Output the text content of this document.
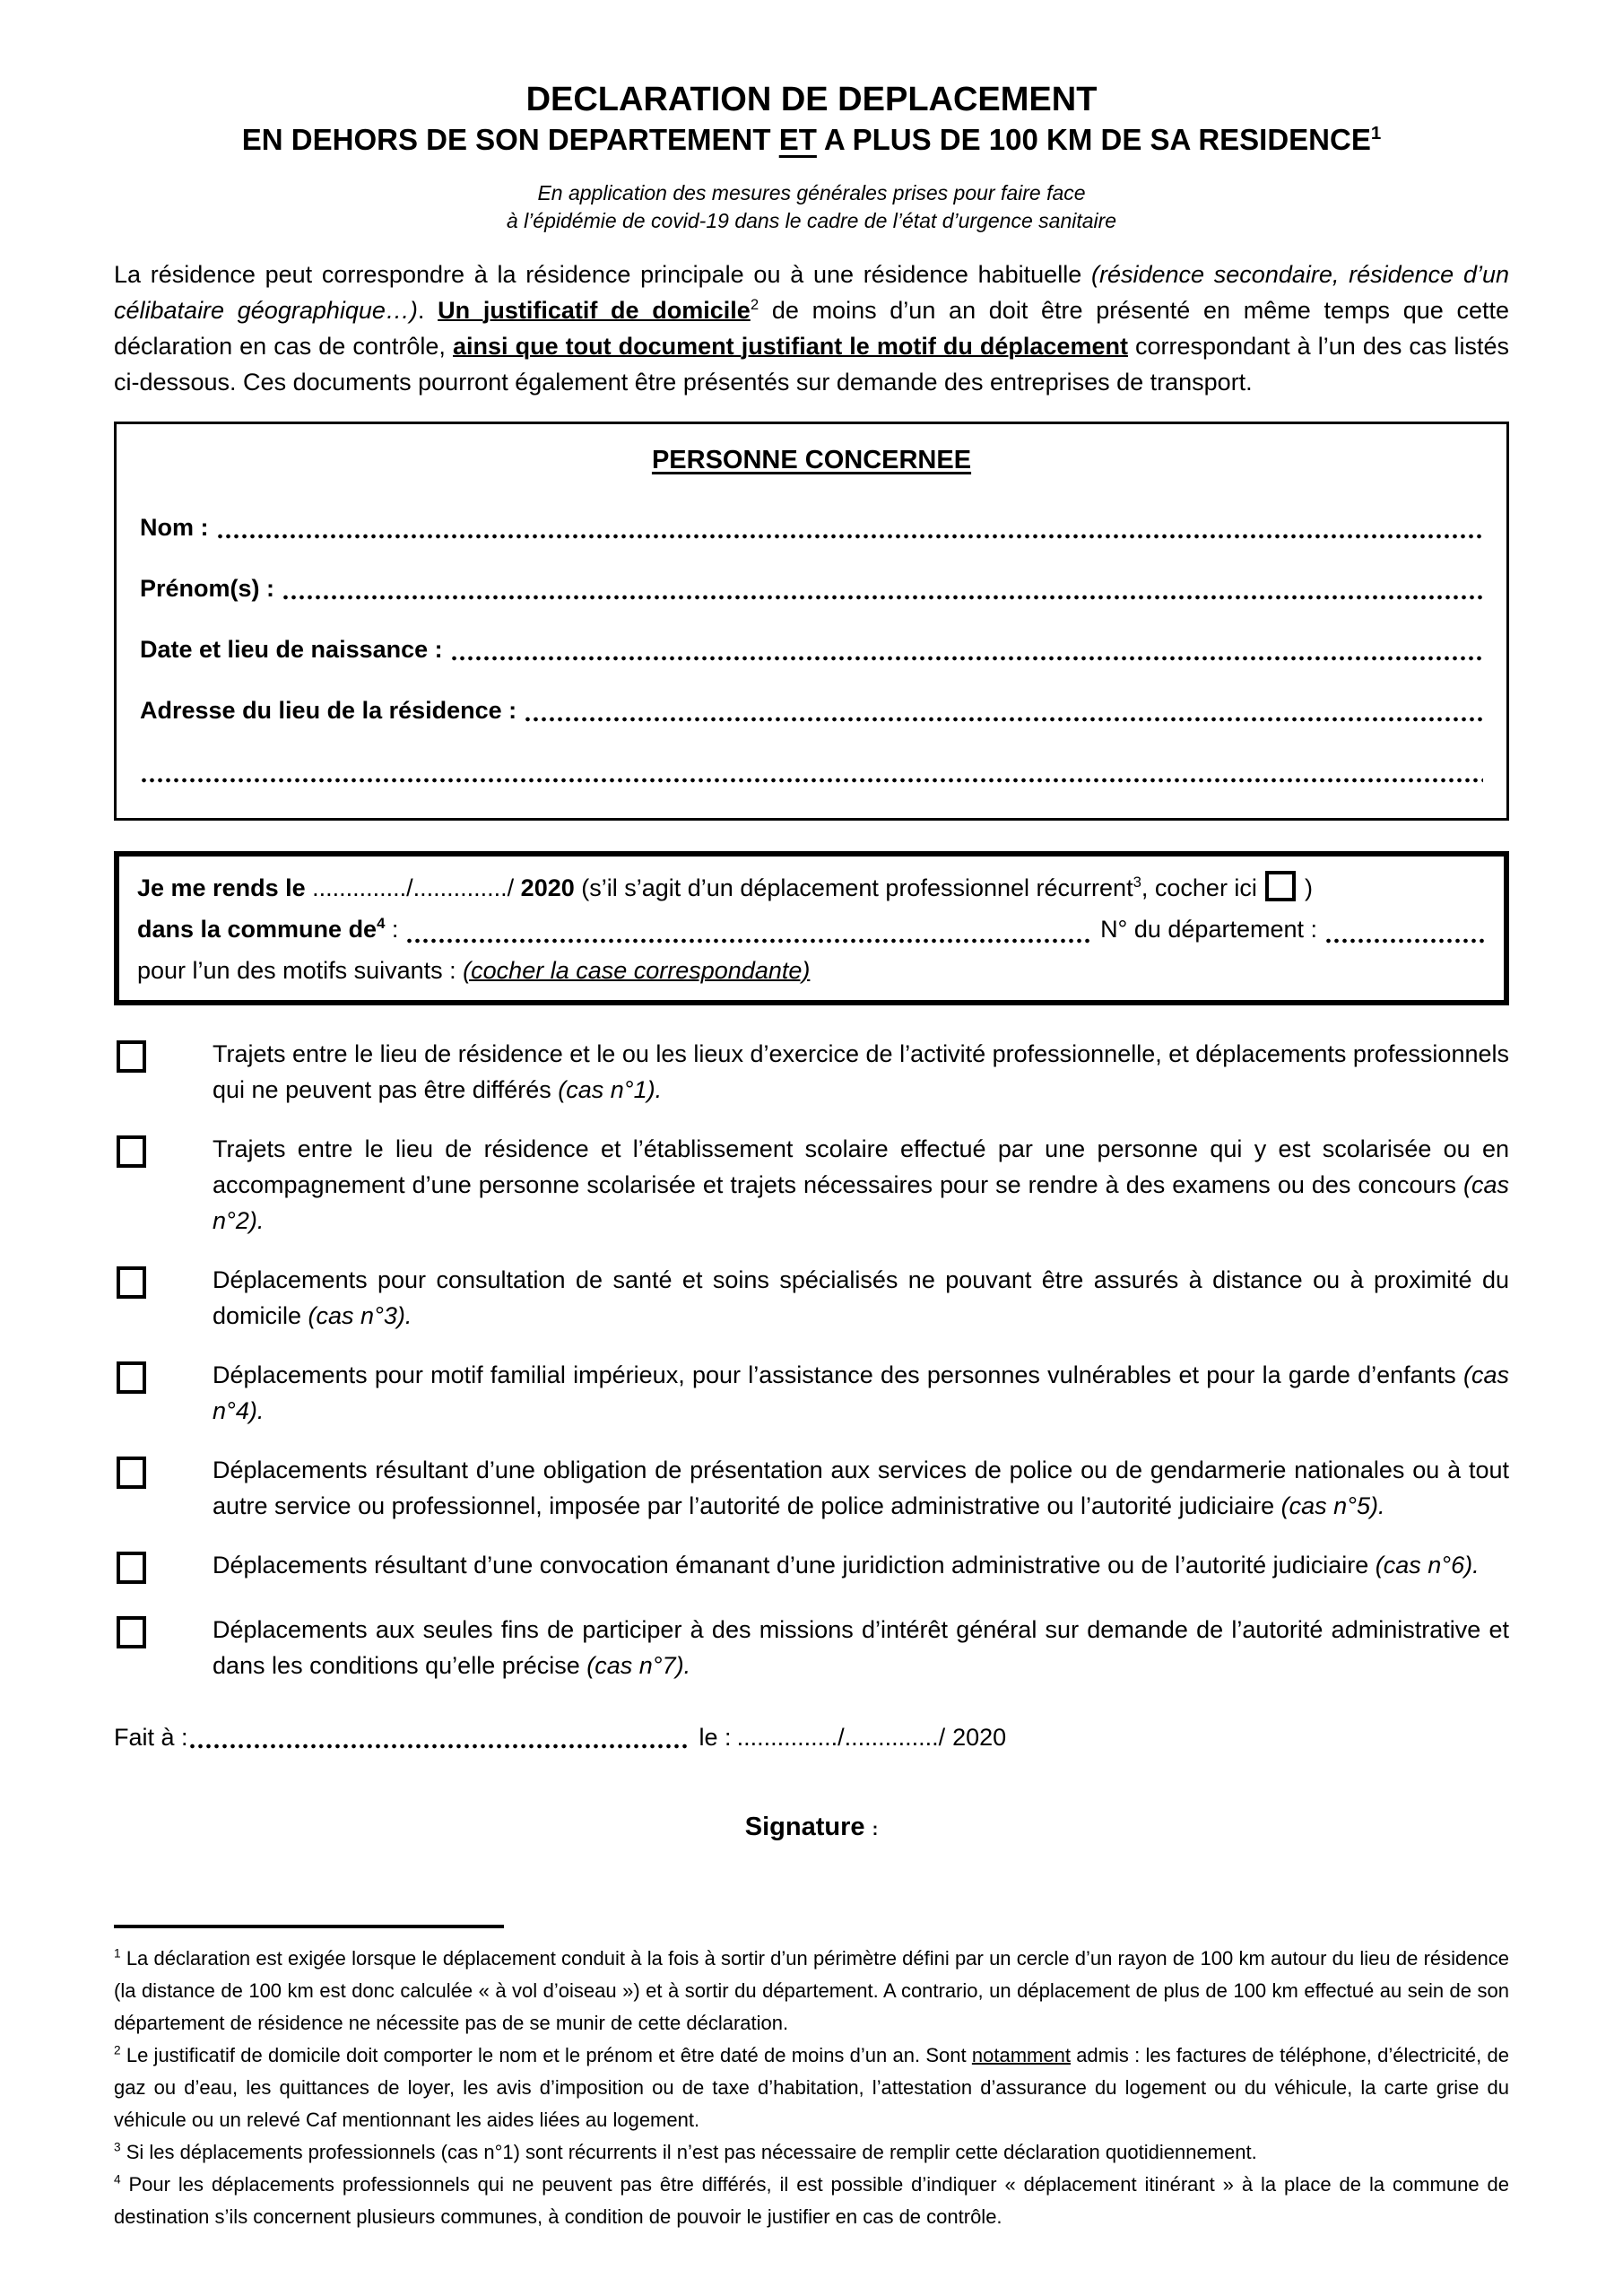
DECLARATION DE DEPLACEMENT
EN DEHORS DE SON DEPARTEMENT ET A PLUS DE 100 KM DE SA RESIDENCE$^1$

En application des mesures générales prises pour faire face
à l’épidémie de covid-19 dans le cadre de l’état d’urgence sanitaire

La résidence peut correspondre à la résidence principale ou à une résidence habituelle (résidence secondaire, résidence d’un célibataire géographique…). Un justificatif de domicile$^2$ de moins d’un an doit être présenté en même temps que cette déclaration en cas de contrôle, ainsi que tout document justifiant le motif du déplacement correspondant à l’un des cas listés ci-dessous. Ces documents pourront également être présentés sur demande des entreprises de transport.

PERSONNE CONCERNEE
Nom :
Prénom(s) :
Date et lieu de naissance :
Adresse du lieu de la résidence :

Je me rends le ............../............../ 2020 (s’il s’agit d’un déplacement professionnel récurrent$^3$, cocher ici  )

dans la commune $de^4$ :	N° du département :

pour l’un des motifs suivants : (cocher la case correspondante)

Trajets entre le lieu de résidence et le ou les lieux d’exercice de l’activité professionnelle, et déplacements professionnels qui ne peuvent pas être différés (cas n°1).

Trajets entre le lieu de résidence et l’établissement scolaire effectué par une personne qui y est scolarisée ou en accompagnement d’une personne scolarisée et trajets nécessaires pour se rendre à des examens ou des concours (cas n°2).

Déplacements pour consultation de santé et soins spécialisés ne pouvant être assurés à distance ou à proximité du domicile (cas n°3).

Déplacements pour motif familial impérieux, pour l’assistance des personnes vulnérables et pour la garde d’enfants (cas n°4).

Déplacements résultant d’une obligation de présentation aux services de police ou de gendarmerie nationales ou à tout autre service ou professionnel, imposée par l’autorité de police administrative ou l’autorité judiciaire (cas n°5).

Déplacements résultant d’une convocation émanant d’une juridiction administrative ou de l’autorité judiciaire (cas n°6).

Déplacements aux seules fins de participer à des missions d’intérêt général sur demande de l’autorité administrative et dans les conditions qu’elle précise (cas n°7).

Fait à :	le : .............../ ............../ 2020

Signature :

$^1$ La déclaration est exigée lorsque le déplacement conduit à la fois à sortir d’un périmètre défini par un cercle d’un rayon de 100 km autour du lieu de résidence (la distance de 100 km est donc calculée « à vol d’oiseau ») et à sortir du département. A contrario, un déplacement de plus de 100 km effectué au sein de son département de résidence ne nécessite pas de se munir de cette déclaration.

$^2$ Le justificatif de domicile doit comporter le nom et le prénom et être daté de moins d’un an. Sont notamment admis : les factures de téléphone, d’électricité, de gaz ou d’eau, les quittances de loyer, les avis d’imposition ou de taxe d’habitation, l’attestation d’assurance du logement ou du véhicule, la carte grise du véhicule ou un relevé Caf mentionnant les aides liées au logement.

$^3$ Si les déplacements professionnels (cas n°1) sont récurrents il n’est pas nécessaire de remplir cette déclaration quotidiennement.

$^4$ Pour les déplacements professionnels qui ne peuvent pas être différés, il est possible d’indiquer « déplacement itinérant » à la place de la commune de destination s’ils concernent plusieurs communes, à condition de pouvoir le justifier en cas de contrôle.
